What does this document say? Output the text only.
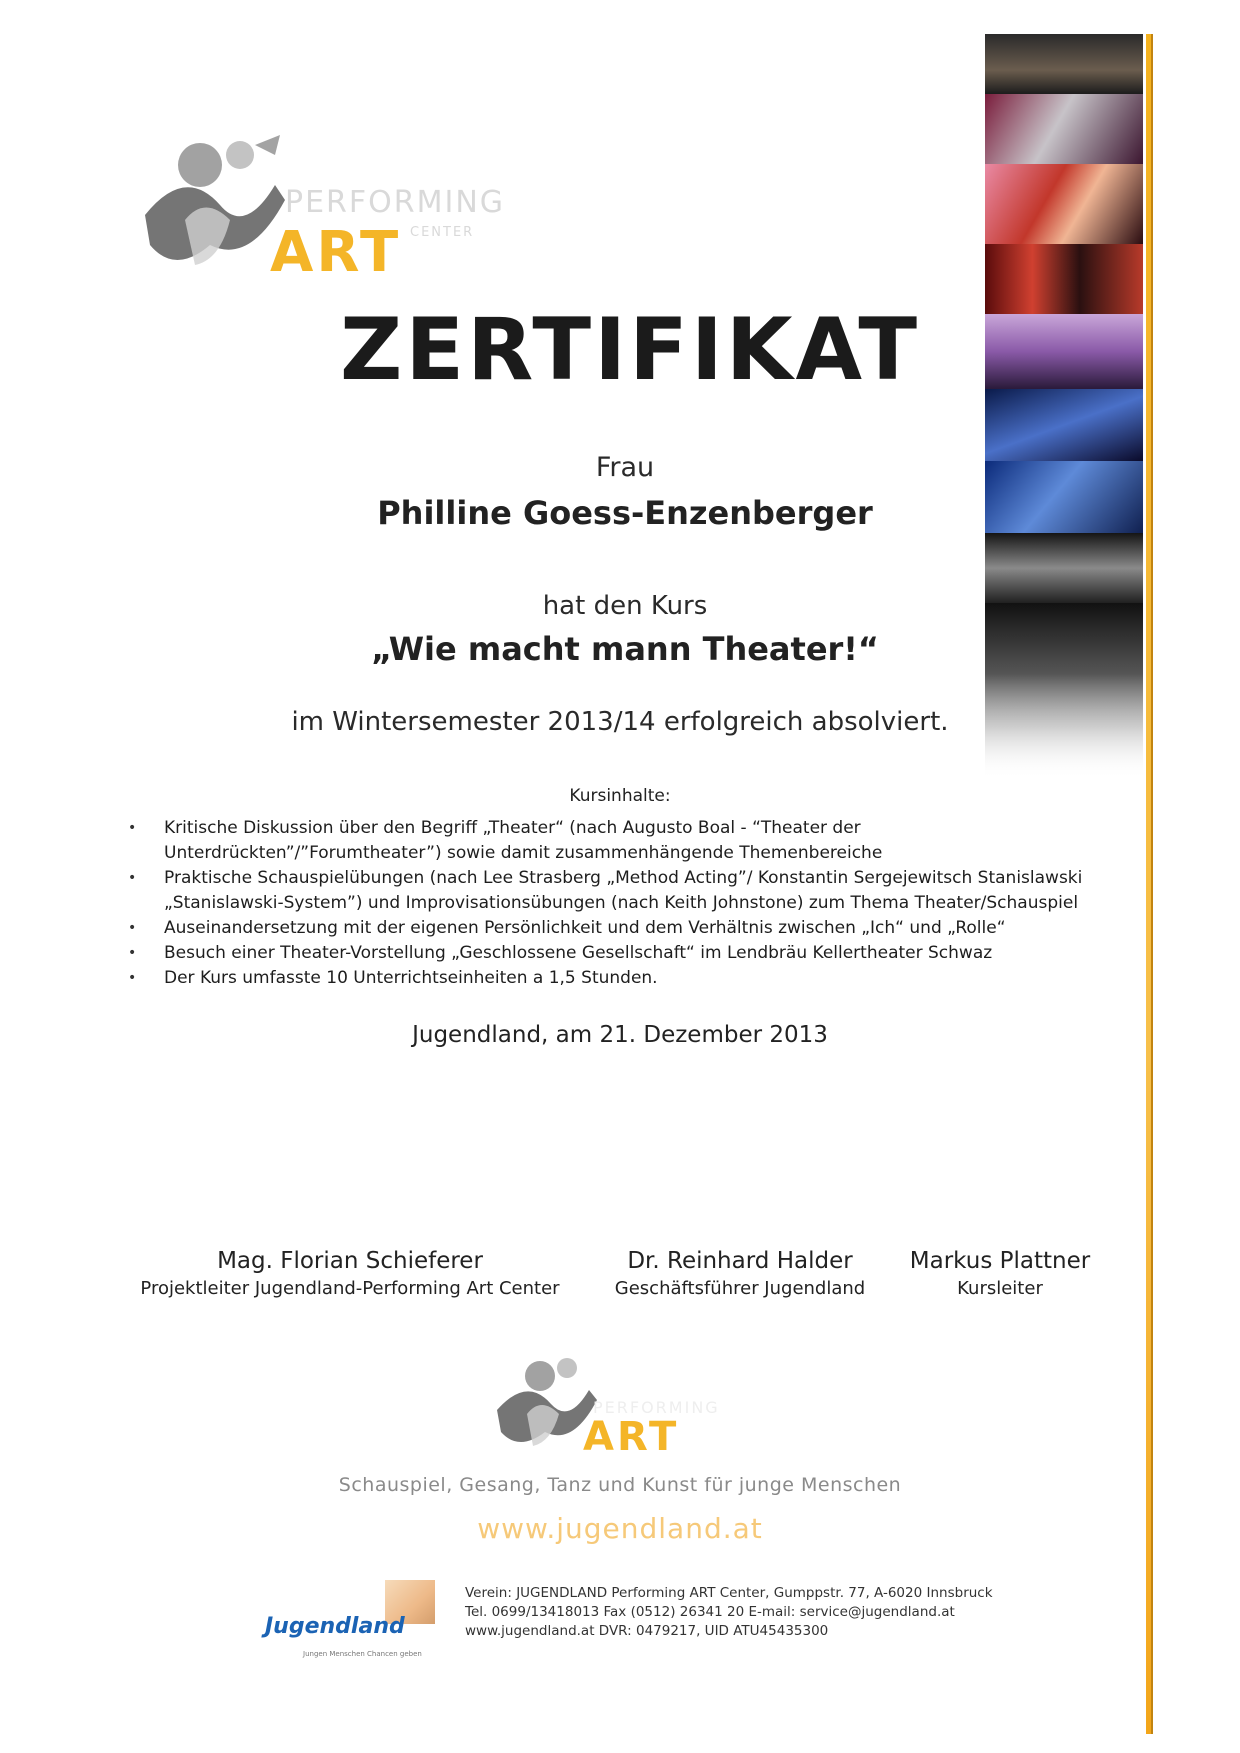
PERFORMING
CENTER
ART
ZERTIFIKAT
Frau
Philline Goess-Enzenberger
hat den Kurs
„Wie macht mann Theater!“
im Wintersemester 2013/14 erfolgreich absolviert.
Kursinhalte:
• Kritische Diskussion über den Begriff „Theater“ (nach Augusto Boal - “Theater der Unterdrückten”/”Forumtheater”) sowie damit zusammenhängende Themenbereiche
• Praktische Schauspielübungen (nach Lee Strasberg „Method Acting”/ Konstantin Sergejewitsch Stanislawski „Stanislawski-System”) und Improvisationsübungen (nach Keith Johnstone) zum Thema Theater/Schauspiel
• Auseinandersetzung mit der eigenen Persönlichkeit und dem Verhältnis zwischen „Ich“ und „Rolle“
• Besuch einer Theater-Vorstellung „Geschlossene Gesellschaft“ im Lendbräu Kellertheater Schwaz
• Der Kurs umfasste 10 Unterrichtseinheiten a 1,5 Stunden.
Jugendland, am 21. Dezember 2013
Mag. Florian Schieferer
Projektleiter Jugendland-Performing Art Center
Dr. Reinhard Halder
Geschäftsführer Jugendland
Markus Plattner
Kursleiter
PERFORMING
ART
Schauspiel, Gesang, Tanz und Kunst für junge Menschen
www.jugendland.at
Jugendland
Jungen Menschen Chancen geben
Verein: JUGENDLAND Performing ART Center, Gumppstr. 77, A-6020 Innsbruck
Tel. 0699/13418013 Fax (0512) 26341 20 E-mail: service@jugendland.at
www.jugendland.at DVR: 0479217, UID ATU45435300
